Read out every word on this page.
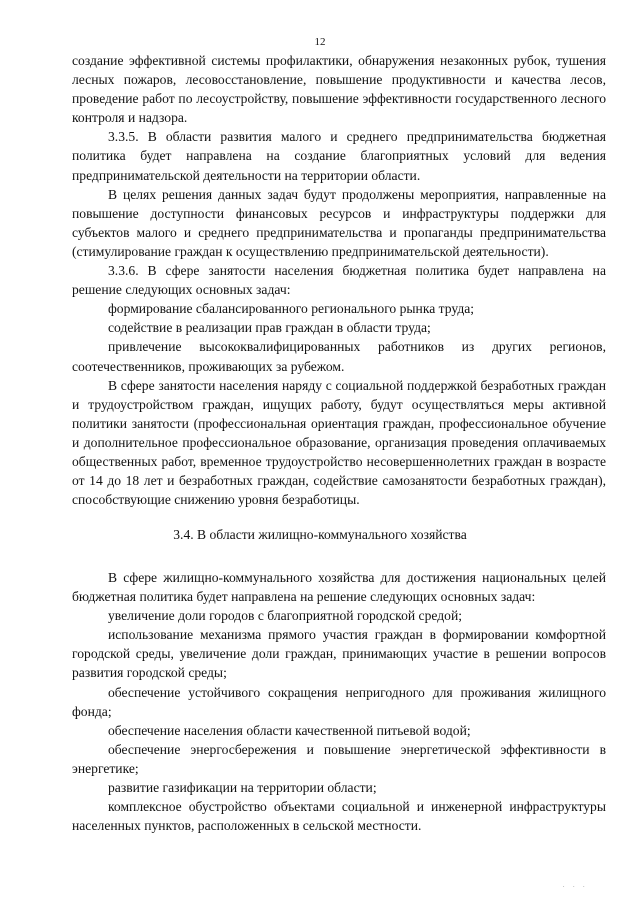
12

создание эффективной системы профилактики, обнаружения незаконных рубок, тушения лесных пожаров, лесовосстановление, повышение продуктивности и качества лесов, проведение работ по лесоустройству, повышение эффективности государственного лесного контроля и надзора.

3.3.5. В области развития малого и среднего предпринимательства бюджетная политика будет направлена на создание благоприятных условий для ведения предпринимательской деятельности на территории области.

В целях решения данных задач будут продолжены мероприятия, направленные на повышение доступности финансовых ресурсов и инфраструктуры поддержки для субъектов малого и среднего предпринимательства и пропаганды предпринимательства (стимулирование граждан к осуществлению предпринимательской деятельности).

3.3.6. В сфере занятости населения бюджетная политика будет направлена на решение следующих основных задач:

формирование сбалансированного регионального рынка труда;

содействие в реализации прав граждан в области труда;

привлечение высококвалифицированных работников из других регионов, соотечественников, проживающих за рубежом.

В сфере занятости населения наряду с социальной поддержкой безработных граждан и трудоустройством граждан, ищущих работу, будут осуществляться меры активной политики занятости (профессиональная ориентация граждан, профессиональное обучение и дополнительное профессиональное образование, организация проведения оплачиваемых общественных работ, временное трудоустройство несовершеннолетних граждан в возрасте от 14 до 18 лет и безработных граждан, содействие самозанятости безработных граждан), способствующие снижению уровня безработицы.

3.4. В области жилищно-коммунального хозяйства

В сфере жилищно-коммунального хозяйства для достижения национальных целей бюджетная политика будет направлена на решение следующих основных задач:

увеличение доли городов с благоприятной городской средой;

использование механизма прямого участия граждан в формировании комфортной городской среды, увеличение доли граждан, принимающих участие в решении вопросов развития городской среды;

обеспечение устойчивого сокращения непригодного для проживания жилищного фонда;

обеспечение населения области качественной питьевой водой;

обеспечение энергосбережения и повышение энергетической эффективности в энергетике;

развитие газификации на территории области;

комплексное обустройство объектами социальной и инженерной инфраструктуры населенных пунктов, расположенных в сельской местности.

· · ·
